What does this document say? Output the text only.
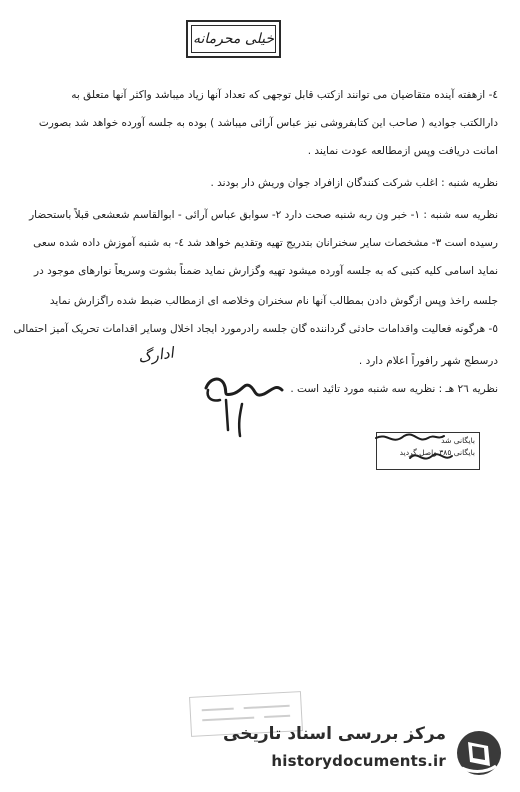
خیلی محرمانه
٤- ازهفته آینده متقاضیان می توانند ازکتب قابل توجهی که تعداد آنها زیاد میباشد واکثر آنها متعلق به
دارالکتب جوادیه ( صاحب این کتابفروشی نیز عباس آرائی میباشد ) بوده به جلسه آورده خواهد شد بصورت
امانت دریافت وپس ازمطالعه عودت نمایند .
نظریه شنبه : اغلب شرکت کنندگان ازافراد جوان وریش دار بودند .
نظریه سه شنبه : ١- خبر ون ربه شنبه صحت دارد ٢- سوابق عباس آرائی - ابوالقاسم شعشعی قبلاً باستحضار
رسیده است ٣- مشخصات سایر سخنرانان بتدریج تهیه وتقدیم خواهد شد ٤- به شنبه آموزش داده شده سعی
نماید اسامی کلیه کتبی که به جلسه آورده میشود تهیه وگزارش نماید ضمناً بشوت وسریعاً نوارهای موجود در
جلسه راخذ وپس ازگوش دادن بمطالب آنها نام سخنران وخلاصه ای ازمطالب ضبط شده راگزارش نماید
٥- هرگونه فعالیت واقدامات حادثی گرداننده گان جلسه رادرمورد ایجاد اخلال وسایر اقدامات تحریک آمیز احتمالی
درسطح شهر رافوراً اعلام دارد .
نظریه ٢٦ هـ : نظریه سه شنبه مورد تائید است .
ادارگ
بایگانی شد
بایگانی ٣٨٥ واصل گردید
مرکز بررسی اسناد تاریخی
historydocuments.ir
